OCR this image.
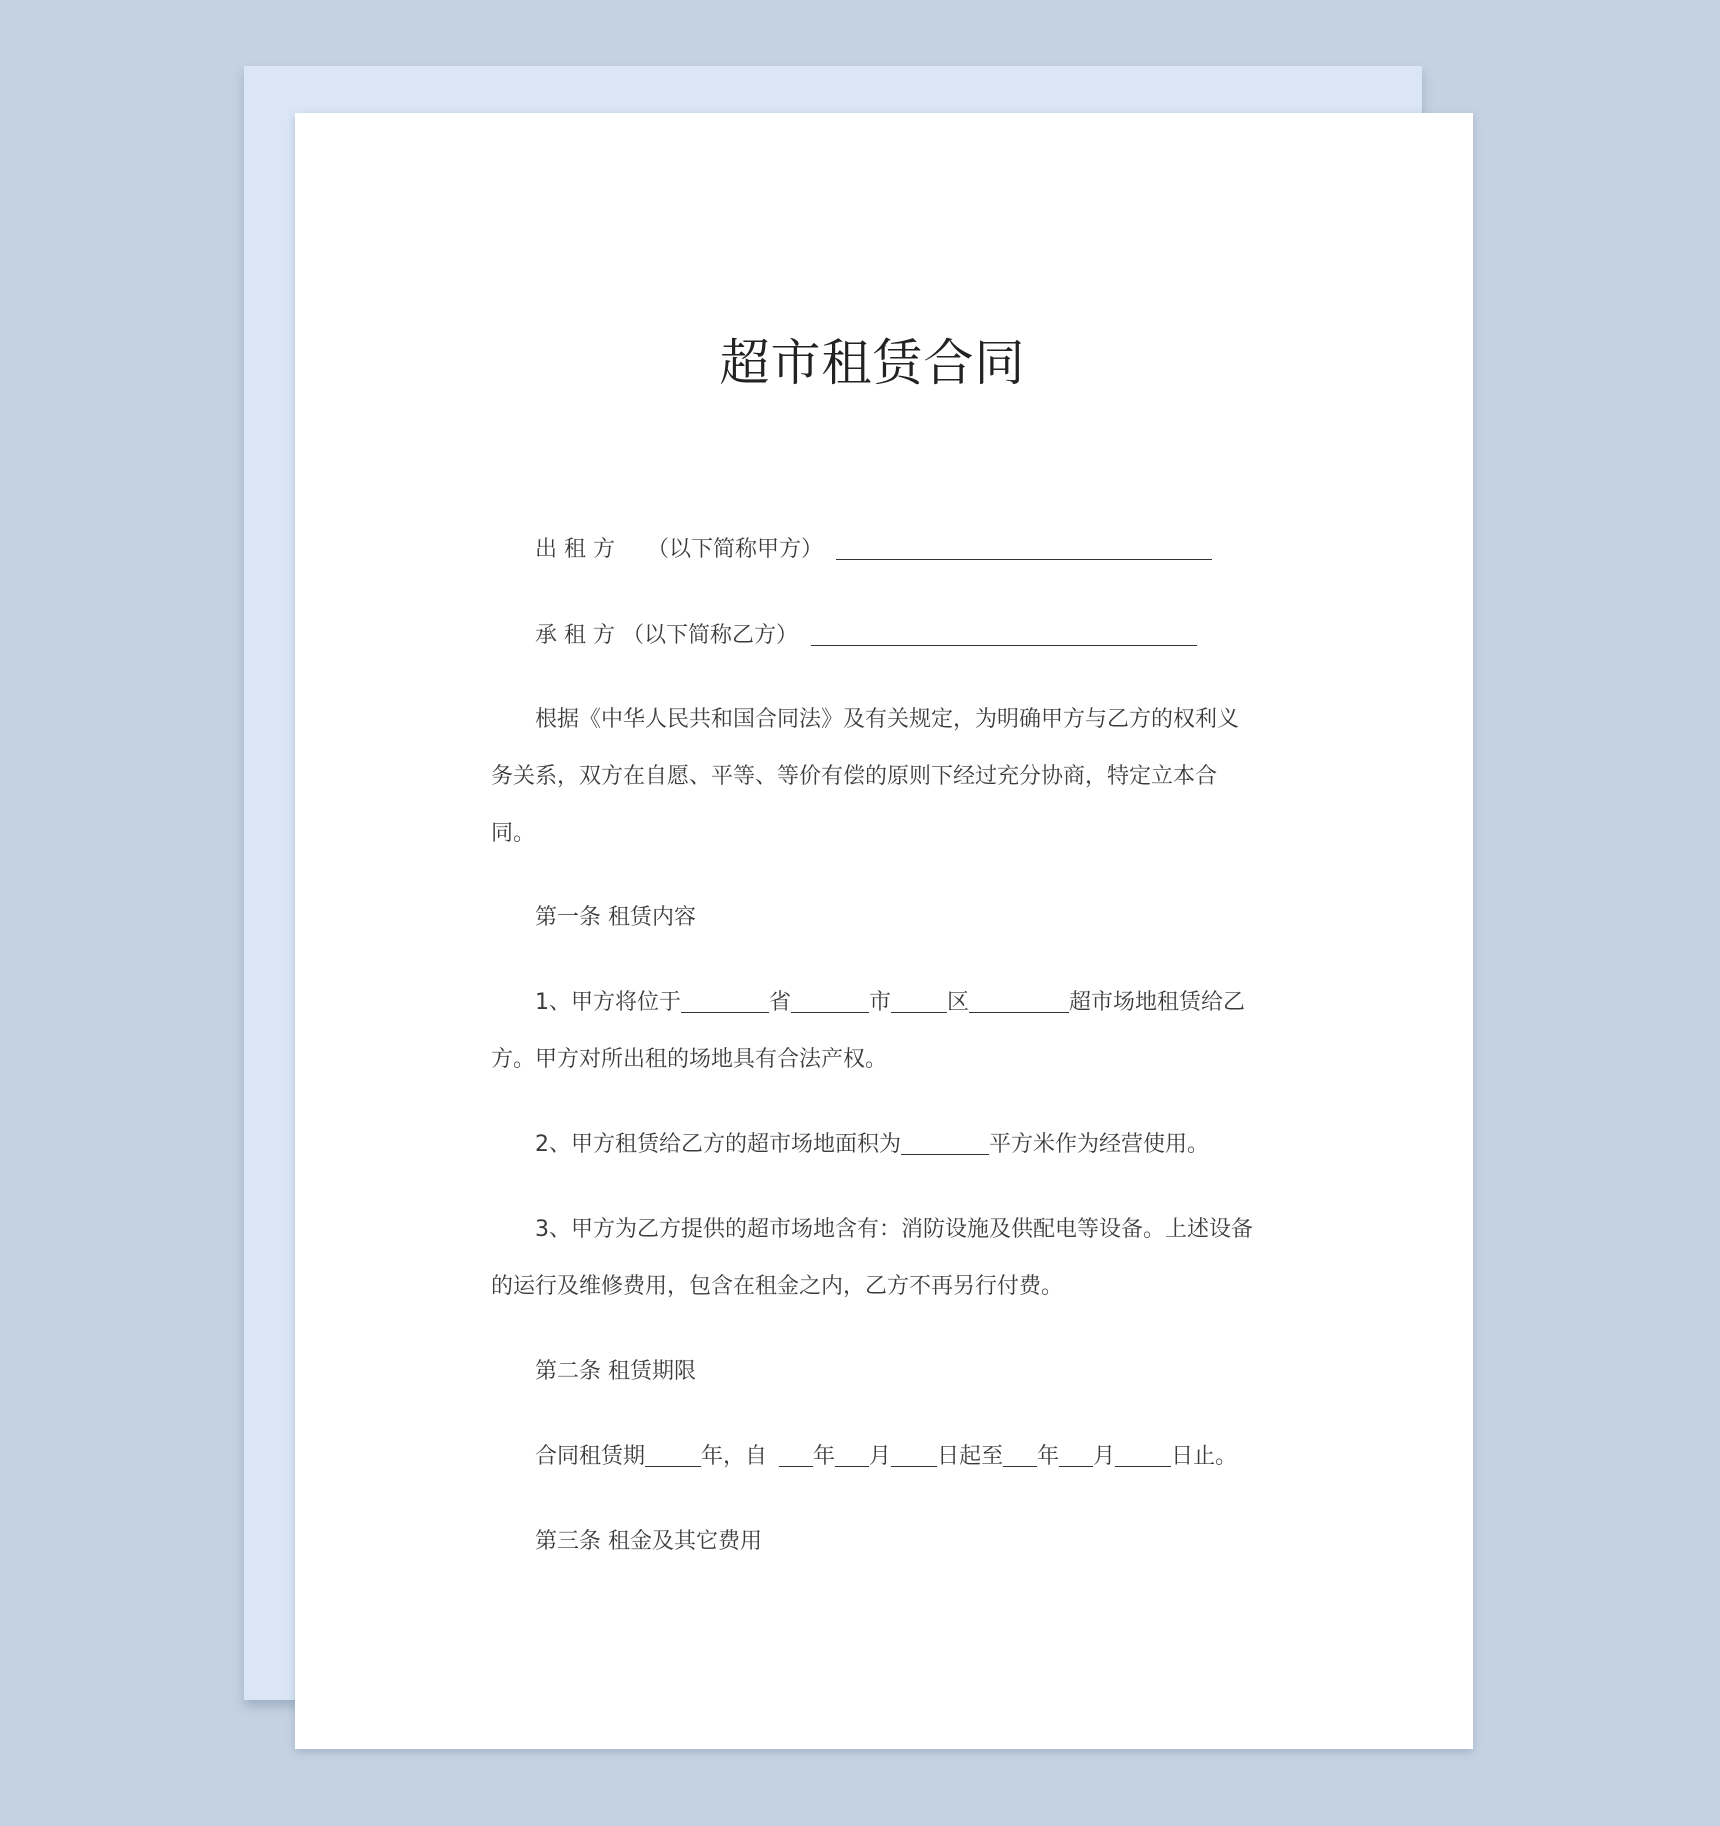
超市租赁合同
出 租 方 （以下简称甲方）
承 租 方 （以下简称乙方）
根据《中华人民共和国合同法》及有关规定，为明确甲方与乙方的权利义
务关系，双方在自愿、平等、等价有偿的原则下经过充分协商，特定立本合
同。
第一条 租赁内容
1、甲方将位于	省	市	区	超市场地租赁给乙
方。甲方对所出租的场地具有合法产权。
2、甲方租赁给乙方的超市场地面积为	平方米作为经营使用。
3、甲方为乙方提供的超市场地含有：消防设施及供配电等设备。上述设备
的运行及维修费用，包含在租金之内，乙方不再另行付费。
第二条 租赁期限
合同租赁期	年，自 年 月 日起至 年 月	日止。
第三条 租金及其它费用
